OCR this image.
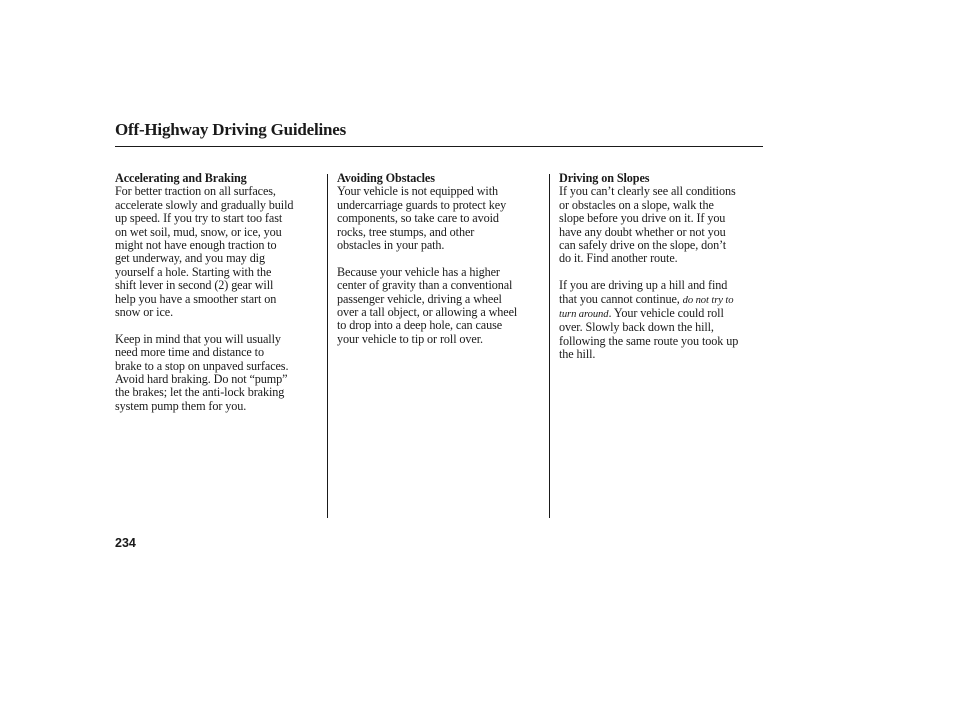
Off-Highway Driving Guidelines

Accelerating and Braking

For better traction on all surfaces,
accelerate slowly and gradually build
up speed. If you try to start too fast
on wet soil, mud, snow, or ice, you
might not have enough traction to
get underway, and you may dig
yourself a hole. Starting with the
shift lever in second (2) gear will
help you have a smoother start on
snow or ice.

Keep in mind that you will usually
need more time and distance to
brake to a stop on unpaved surfaces.
Avoid hard braking. Do not “pump”
the brakes; let the anti-lock braking
system pump them for you.

Avoiding Obstacles

Your vehicle is not equipped with
undercarriage guards to protect key
components, so take care to avoid
rocks, tree stumps, and other
obstacles in your path.

Because your vehicle has a higher
center of gravity than a conventional
passenger vehicle, driving a wheel
over a tall object, or allowing a wheel
to drop into a deep hole, can cause
your vehicle to tip or roll over.

Driving on Slopes

If you can’t clearly see all conditions
or obstacles on a slope, walk the
slope before you drive on it. If you
have any doubt whether or not you
can safely drive on the slope, don’t
do it. Find another route.

If you are driving up a hill and find
that you cannot continue, do not try to
turn around. Your vehicle could roll
over. Slowly back down the hill,
following the same route you took up
the hill.

234
